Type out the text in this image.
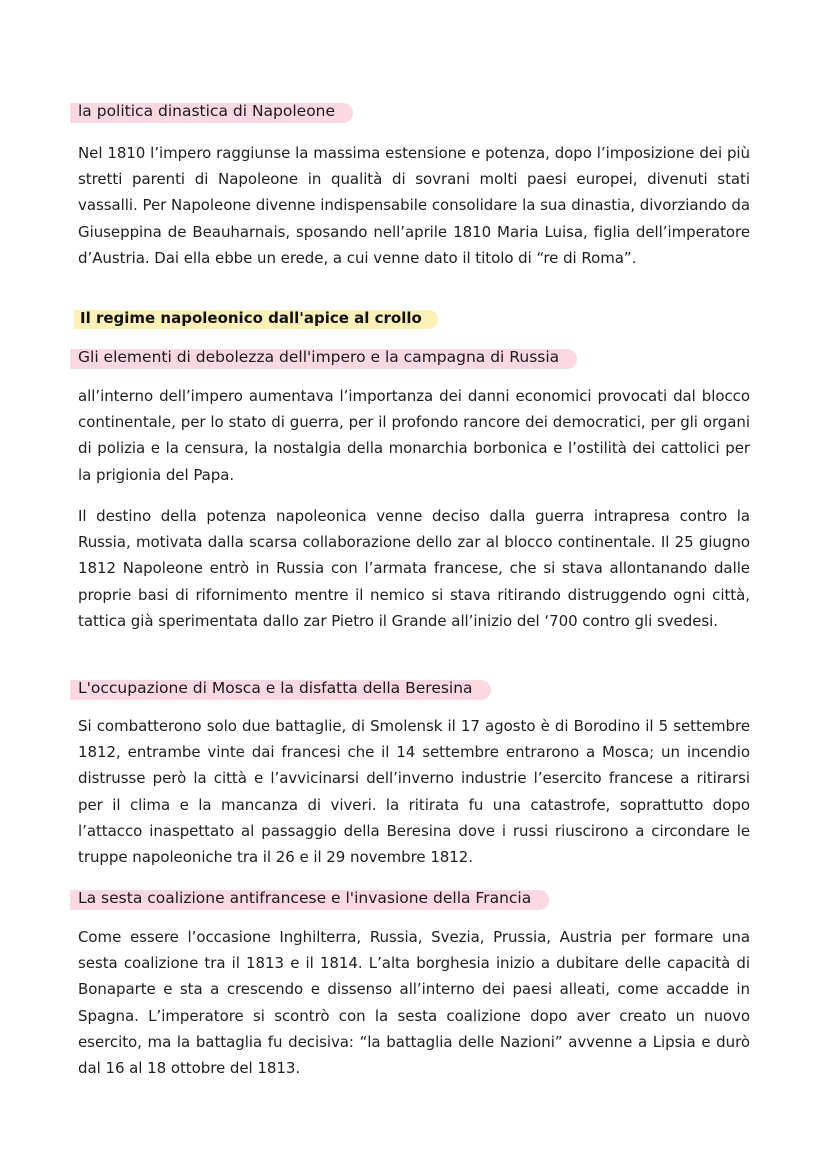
la politica dinastica di Napoleone

Nel 1810 l’impero raggiunse la massima estensione e potenza, dopo l’imposizione dei più stretti parenti di Napoleone in qualità di sovrani molti paesi europei, divenuti stati vassalli. Per Napoleone divenne indispensabile consolidare la sua dinastia, divorziando da Giuseppina de Beauharnais, sposando nell’aprile 1810 Maria Luisa, figlia dell’imperatore d’Austria. Dai ella ebbe un erede, a cui venne dato il titolo di “re di Roma”.

Il regime napoleonico dall'apice al crollo
Gli elementi di debolezza dell'impero e la campagna di Russia

all’interno dell’impero aumentava l’importanza dei danni economici provocati dal blocco continentale, per lo stato di guerra, per il profondo rancore dei democratici, per gli organi di polizia e la censura, la nostalgia della monarchia borbonica e l’ostilità dei cattolici per la prigionia del Papa.

Il destino della potenza napoleonica venne deciso dalla guerra intrapresa contro la Russia, motivata dalla scarsa collaborazione dello zar al blocco continentale. Il 25 giugno 1812 Napoleone entrò in Russia con l’armata francese, che si stava allontanando dalle proprie basi di rifornimento mentre il nemico si stava ritirando distruggendo ogni città, tattica già sperimentata dallo zar Pietro il Grande all’inizio del ‘700 contro gli svedesi.

L'occupazione di Mosca e la disfatta della Beresina

Si combatterono solo due battaglie, di Smolensk il 17 agosto è di Borodino il 5 settembre 1812, entrambe vinte dai francesi che il 14 settembre entrarono a Mosca; un incendio distrusse però la città e l’avvicinarsi dell’inverno industrie l’esercito francese a ritirarsi per il clima e la mancanza di viveri. la ritirata fu una catastrofe, soprattutto dopo l’attacco inaspettato al passaggio della Beresina dove i russi riuscirono a circondare le truppe napoleoniche tra il 26 e il 29 novembre 1812.

La sesta coalizione antifrancese e l'invasione della Francia

Come essere l’occasione Inghilterra, Russia, Svezia, Prussia, Austria per formare una sesta coalizione tra il 1813 e il 1814. L’alta borghesia inizio a dubitare delle capacità di Bonaparte e sta a crescendo e dissenso all’interno dei paesi alleati, come accadde in Spagna. L’imperatore si scontrò con la sesta coalizione dopo aver creato un nuovo esercito, ma la battaglia fu decisiva: “la battaglia delle Nazioni” avvenne a Lipsia e durò dal 16 al 18 ottobre del 1813.
